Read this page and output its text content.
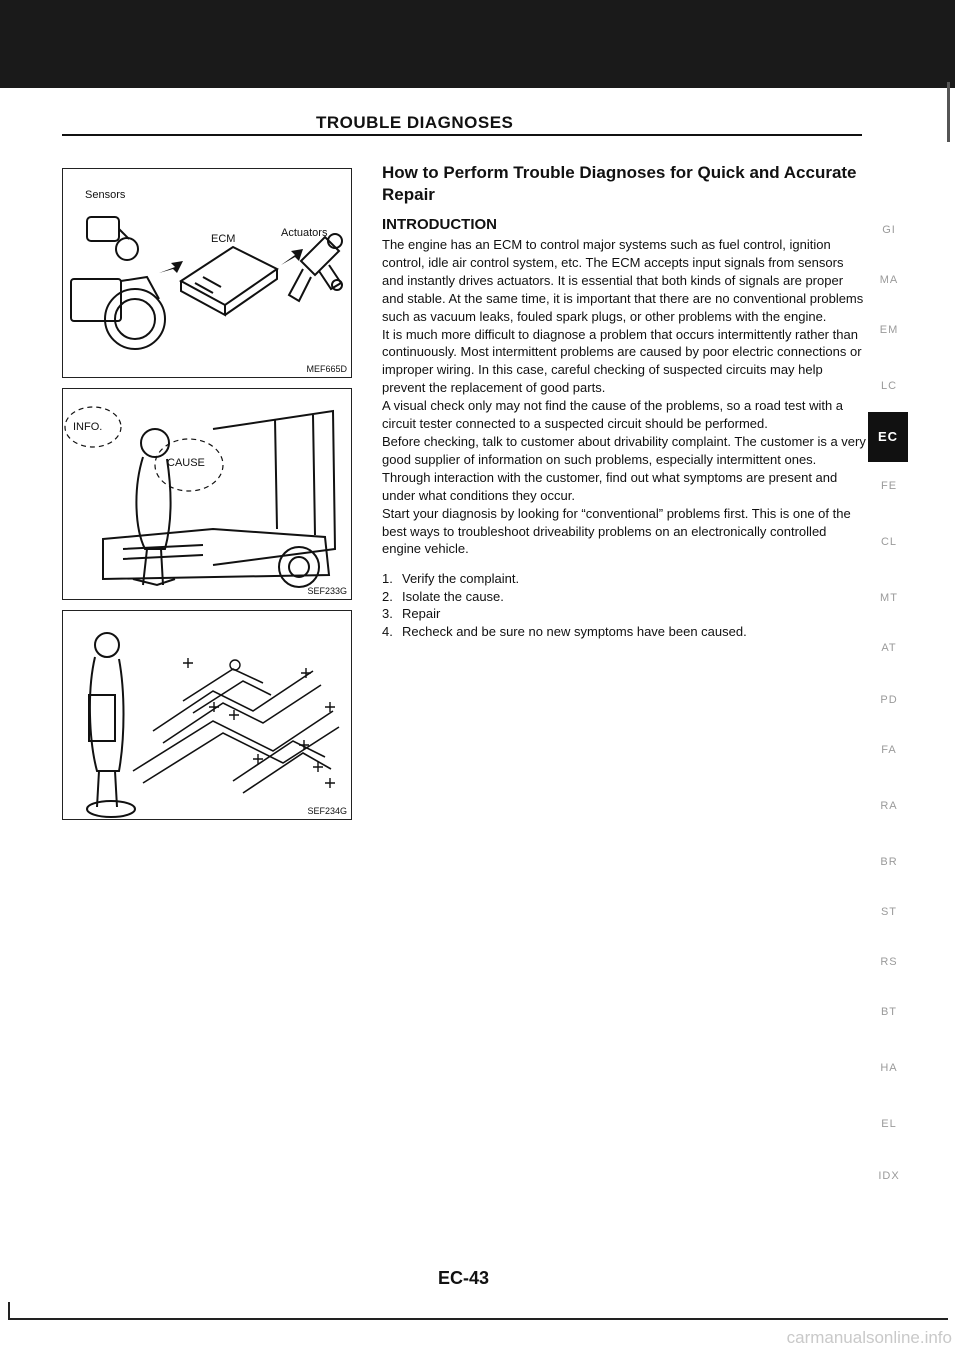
TROUBLE DIAGNOSES
Sensors
ECM	Actuators
MEF665D
INFO.
CAUSE
SEF233G
SEF234G
How to Perform Trouble Diagnoses for Quick and Accurate Repair
INTRODUCTION

The engine has an ECM to control major systems such as fuel control, ignition control, idle air control system, etc. The ECM accepts input signals from sensors and instantly drives actuators. It is essential that both kinds of signals are proper and stable. At the same time, it is important that there are no conventional problems such as vacuum leaks, fouled spark plugs, or other problems with the engine.

It is much more difficult to diagnose a problem that occurs intermittently rather than continuously. Most intermittent problems are caused by poor electric connections or improper wiring. In this case, careful checking of suspected circuits may help prevent the replacement of good parts.

A visual check only may not find the cause of the problems, so a road test with a circuit tester connected to a suspected circuit should be performed.

Before checking, talk to customer about drivability complaint. The customer is a very good supplier of information on such problems, especially intermittent ones. Through interaction with the customer, find out what symptoms are present and under what conditions they occur.

Start your diagnosis by looking for “conventional” problems first. This is one of the best ways to troubleshoot driveability problems on an electronically controlled engine vehicle.

1. Verify the complaint.
2. Isolate the cause.
3. Repair
4. Recheck and be sure no new symptoms have been caused.
GI
MA
EM
LC
EC
FE
CL
MT
AT
PD
FA
RA
BR
ST
RS
BT
HA
EL
IDX
EC-43
carmanualsonline.info
